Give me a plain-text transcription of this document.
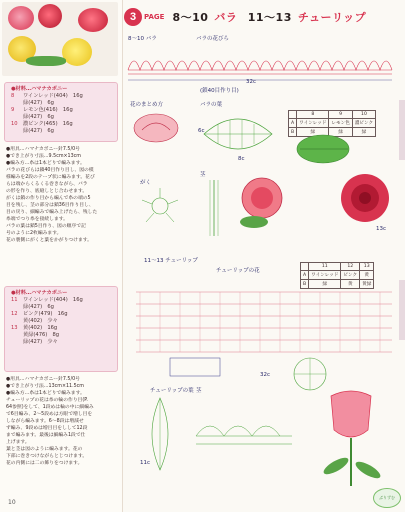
●材料…ハマナカボニー
8	ワインレッド(404)　16g
緑(427)　6g
9	レモン色(416)　16g
緑(427)　6g
10 濃ピンク(465)　16g
緑(427)　6g
●用具…ハマナカボニー針7.5/0号
●でき上がり寸法…9.5cm×13cm
●編み方…糸は1本どりで編みます。
バラの花びらは鎖40目作り目し、図の模
様編みを2段のテープ状に編みます。花び
らは端からくるくる巻きながら、バラ
の形を作り、底縫しとじ合わせます。
がくは鎖の作り目から編んで糸の端の5
目を残し、茎の部分は鎖36目作り目し、
目の戻り、細編みで編み上げたら、残した
糸端でつり糸を接続します。
バラの葉は鎖5目作り、図の順序で記
号のように2枚編みます。
花の裏側にがくと葉をかがりつけます。
●材料…ハマナカボニー
11 ワインレッド(404)　16g
緑(427)　6g
12 ピンク(479)　16g
黄(402)　少々
13 黄(402)　16g
黄緑(476)　8g
緑(427)　少々
●用具…ハマナカボニー針7.5/0号
●でき上がり寸法…13cm×11.5cm
●編み方…糸は1本どりで編みます。
チューリップの花は糸の輪の作り目(P.
64参照)をして、1段めは輪の中に細編み
で6目編み、2〜5段めは方眼で増し目を
しながら編みます。6〜8段は増減せ
ず編み、9段めは増目目をしして12段
まで編みます。最後は細編み1段で仕
上げます。
葉と茎は図のように編みます。花の
下部に巻きつけながらとじつけます。
花の内側には二の飾りをつけます。
10
3	PAGE 8〜10 バラ 11〜13 チューリップ
8〜10 バラ	バラの花びら
32c
(鎖40目作り目)
花のまとめ方	バラの葉
8c
6c
	8	9	10
A	ワインレッド	レモン色	濃ピンク
B	緑	緑	緑
がく
茎
13c
11〜13 チューリップ
チューリップの花
	11	12	13
A	ワインレッド	ピンク	黄
B	緑	黄	黄緑
32c
チューリップの葉
11c
茎
ぷりずむ
